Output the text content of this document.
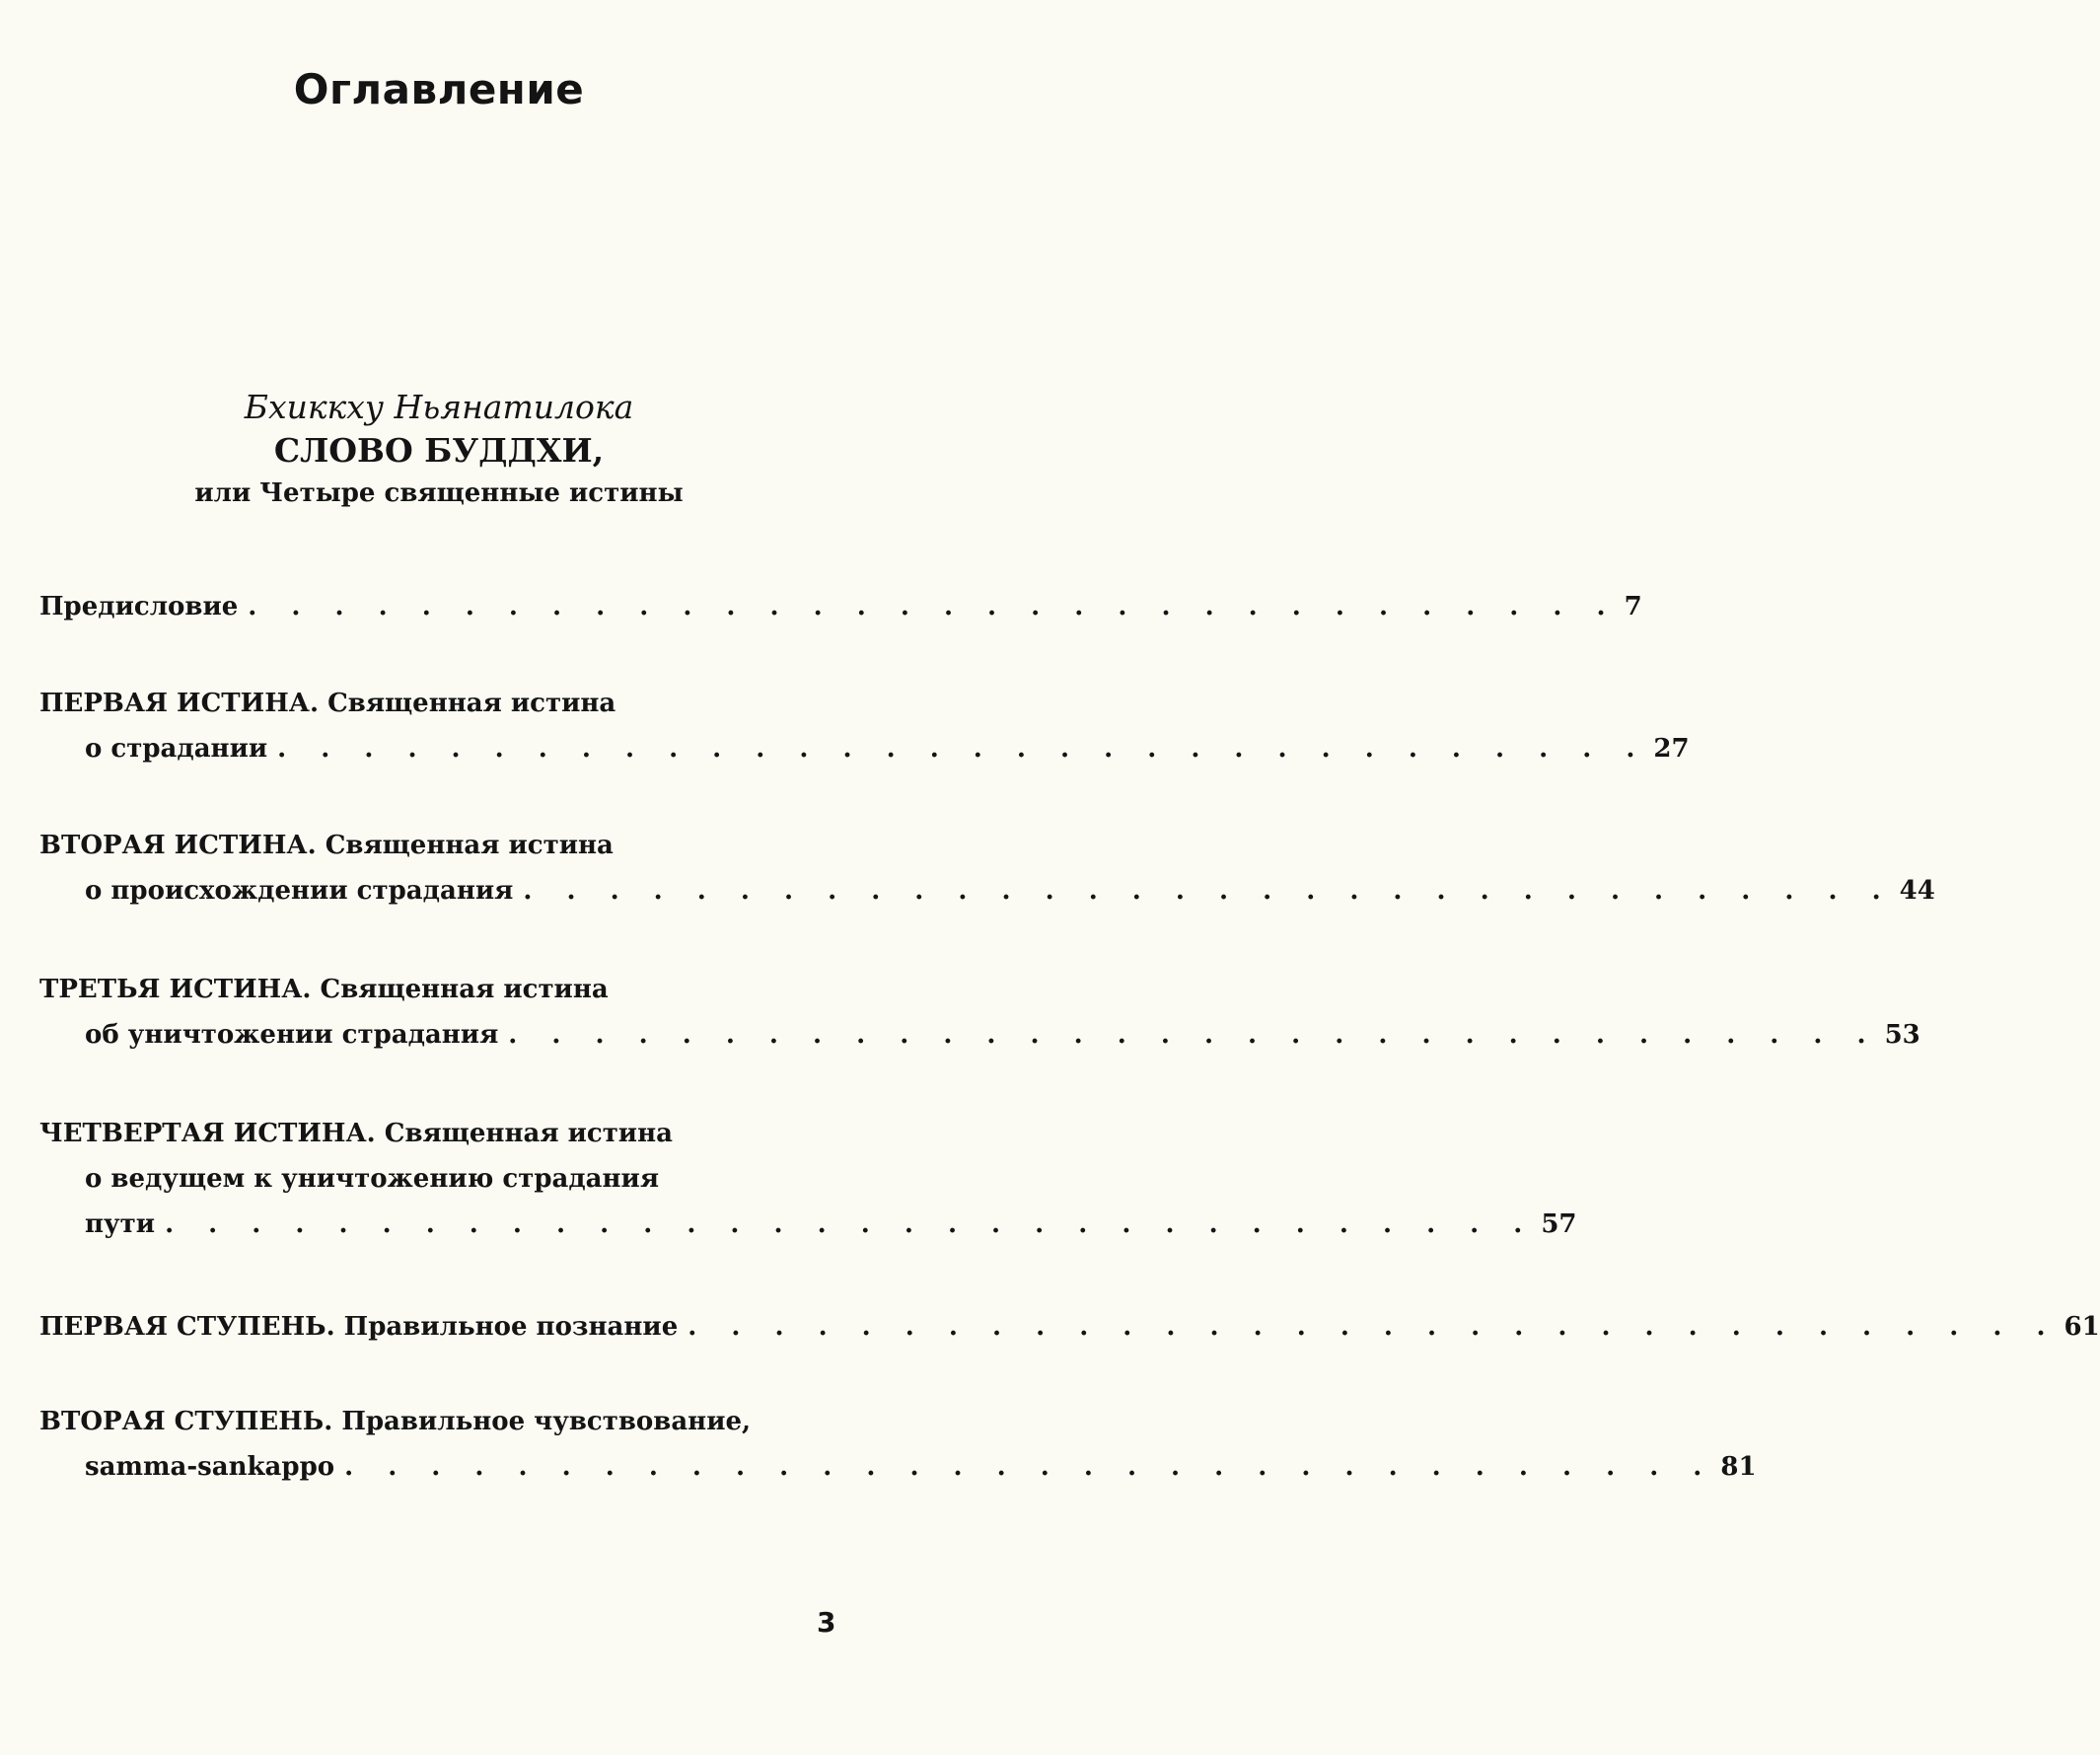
Оглавление
Бхиккху Ньянатилока
СЛОВО БУДДХИ,
или Четыре священные истины
Предисловие . . . . . . . . . . . . . . . . . . . . . . . . . . . . . . . . 7
ПЕРВАЯ ИСТИНА. Священная истина
о страдании . . . . . . . . . . . . . . . . . . . . . . . . . . . . . . . . 27
ВТОРАЯ ИСТИНА. Священная истина
о происхождении страдания . . . . . . . . . . . . . . . . . . . . . . . . . . . . . . . . 44
ТРЕТЬЯ ИСТИНА. Священная истина
об уничтожении страдания . . . . . . . . . . . . . . . . . . . . . . . . . . . . . . . . 53
ЧЕТВЕРТАЯ ИСТИНА. Священная истина
о ведущем к уничтожению страдания
пути . . . . . . . . . . . . . . . . . . . . . . . . . . . . . . . . 57
ПЕРВАЯ СТУПЕНЬ. Правильное познание . . . . . . . . . . . . . . . . . . . . . . . . . . . . . . . . 61
ВТОРАЯ СТУПЕНЬ. Правильное чувствование,
samma-sankappo . . . . . . . . . . . . . . . . . . . . . . . . . . . . . . . . 81
3
